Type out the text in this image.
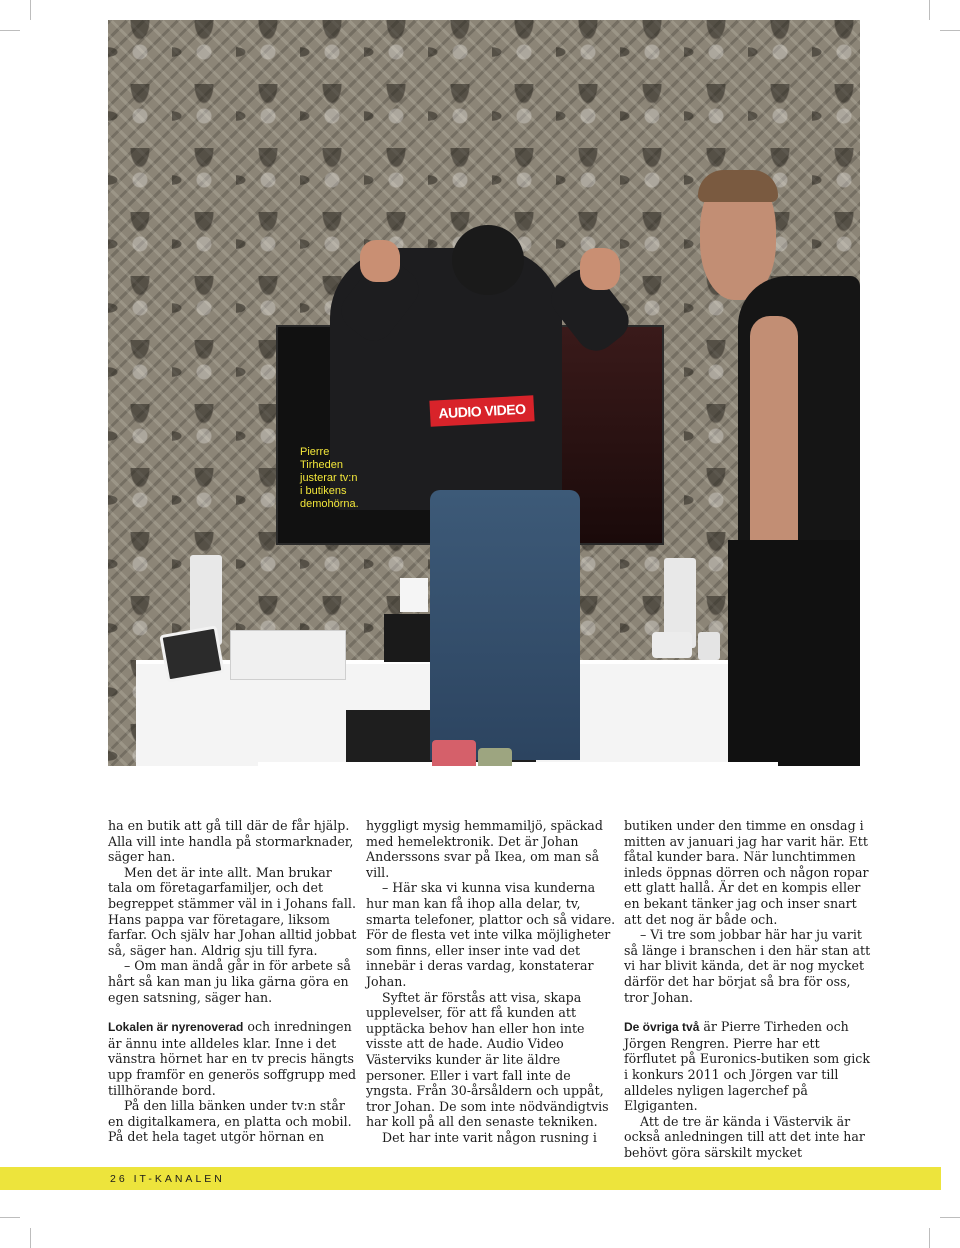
AUDIO VIDEO
Pierre
Tirheden
justerar tv:n
i butikens
demohörna.

ha en butik att gå till där de får hjälp. Alla vill inte handla på stormarknader, säger han.

Men det är inte allt. Man brukar tala om företagarfamiljer, och det begreppet stämmer väl in i Johans fall. Hans pappa var företagare, liksom farfar. Och själv har Johan alltid jobbat så, säger han. Aldrig sju till fyra.

– Om man ändå går in för arbete så hårt så kan man ju lika gärna göra en egen satsning, säger han.

Lokalen är nyrenoverad och inredningen är ännu inte alldeles klar. Inne i det vänstra hörnet har en tv precis hängts upp framför en generös soffgrupp med tillhörande bord.

På den lilla bänken under tv:n står en digitalkamera, en platta och mobil. På det hela taget utgör hörnan en

hyggligt mysig hemmamiljö, späckad med hemelektronik. Det är Johan Anderssons svar på Ikea, om man så vill.

– Här ska vi kunna visa kunderna hur man kan få ihop alla delar, tv, smarta telefoner, plattor och så vidare. För de flesta vet inte vilka möjligheter som finns, eller inser inte vad det innebär i deras vardag, konstaterar Johan.

Syftet är förstås att visa, skapa upplevelser, för att få kunden att upptäcka behov han eller hon inte visste att de hade. Audio Video Västerviks kunder är lite äldre personer. Eller i vart fall inte de yngsta. Från 30-årsåldern och uppåt, tror Johan. De som inte nödvändigtvis har koll på all den senaste tekniken.

Det har inte varit någon rusning i

butiken under den timme en onsdag i mitten av januari jag har varit här. Ett fåtal kunder bara. När lunchtimmen inleds öppnas dörren och någon ropar ett glatt hallå. Är det en kompis eller en bekant tänker jag och inser snart att det nog är både och.

– Vi tre som jobbar här har ju varit så länge i branschen i den här stan att vi har blivit kända, det är nog mycket därför det har börjat så bra för oss, tror Johan.

De övriga två är Pierre Tirheden och Jörgen Rengren. Pierre har ett förflutet på Euronics-butiken som gick i konkurs 2011 och Jörgen var till alldeles nyligen lagerchef på Elgiganten.

Att de tre är kända i Västervik är också anledningen till att det inte har behövt göra särskilt mycket

26 IT-KANALEN
